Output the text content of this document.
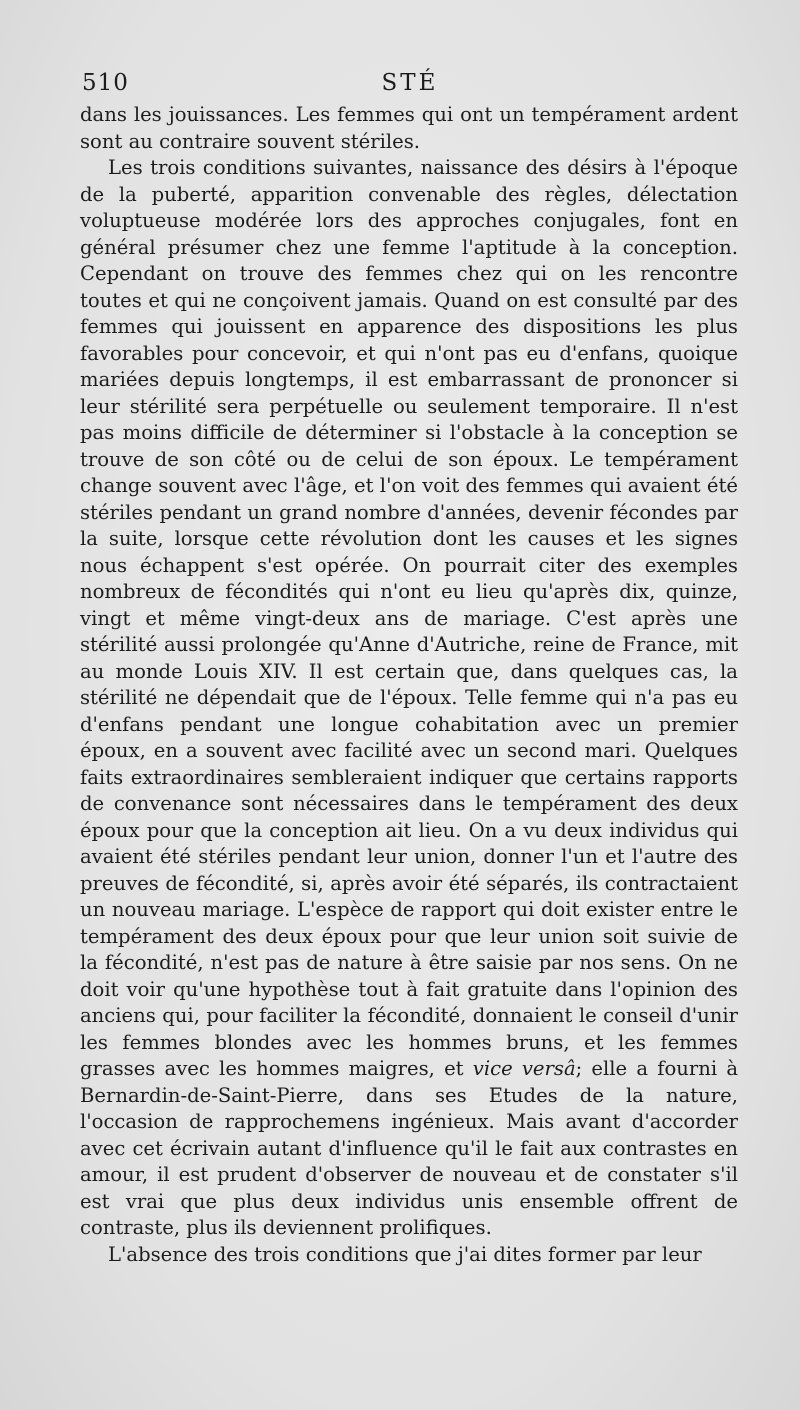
510	STÉ

dans les jouissances. Les femmes qui ont un tempérament ardent sont au contraire souvent stériles.

Les trois conditions suivantes, naissance des désirs à l'époque de la puberté, apparition convenable des règles, délectation voluptueuse modérée lors des approches conjugales, font en général présumer chez une femme l'aptitude à la conception. Cependant on trouve des femmes chez qui on les rencontre toutes et qui ne conçoivent jamais. Quand on est consulté par des femmes qui jouissent en apparence des dispositions les plus favorables pour concevoir, et qui n'ont pas eu d'enfans, quoique mariées depuis longtemps, il est embarrassant de prononcer si leur stérilité sera perpétuelle ou seulement temporaire. Il n'est pas moins difficile de déterminer si l'obstacle à la conception se trouve de son côté ou de celui de son époux. Le tempérament change souvent avec l'âge, et l'on voit des femmes qui avaient été stériles pendant un grand nombre d'années, devenir fécondes par la suite, lorsque cette révolution dont les causes et les signes nous échappent s'est opérée. On pourrait citer des exemples nombreux de fécondités qui n'ont eu lieu qu'après dix, quinze, vingt et même vingt-deux ans de mariage. C'est après une stérilité aussi prolongée qu'Anne d'Autriche, reine de France, mit au monde Louis XIV. Il est certain que, dans quelques cas, la stérilité ne dépendait que de l'époux. Telle femme qui n'a pas eu d'enfans pendant une longue cohabitation avec un premier époux, en a souvent avec facilité avec un second mari. Quelques faits extraordinaires sembleraient indiquer que certains rapports de convenance sont nécessaires dans le tempérament des deux époux pour que la conception ait lieu. On a vu deux individus qui avaient été stériles pendant leur union, donner l'un et l'autre des preuves de fécondité, si, après avoir été séparés, ils contractaient un nouveau mariage. L'espèce de rapport qui doit exister entre le tempérament des deux époux pour que leur union soit suivie de la fécondité, n'est pas de nature à être saisie par nos sens. On ne doit voir qu'une hypothèse tout à fait gratuite dans l'opinion des anciens qui, pour faciliter la fécondité, donnaient le conseil d'unir les femmes blondes avec les hommes bruns, et les femmes grasses avec les hommes maigres, et vice versâ; elle a fourni à Bernardin-de-Saint-Pierre, dans ses Etudes de la nature, l'occasion de rapprochemens ingénieux. Mais avant d'accorder avec cet écrivain autant d'influence qu'il le fait aux contrastes en amour, il est prudent d'observer de nouveau et de constater s'il est vrai que plus deux individus unis ensemble offrent de contraste, plus ils deviennent prolifiques.

L'absence des trois conditions que j'ai dites former par leur
